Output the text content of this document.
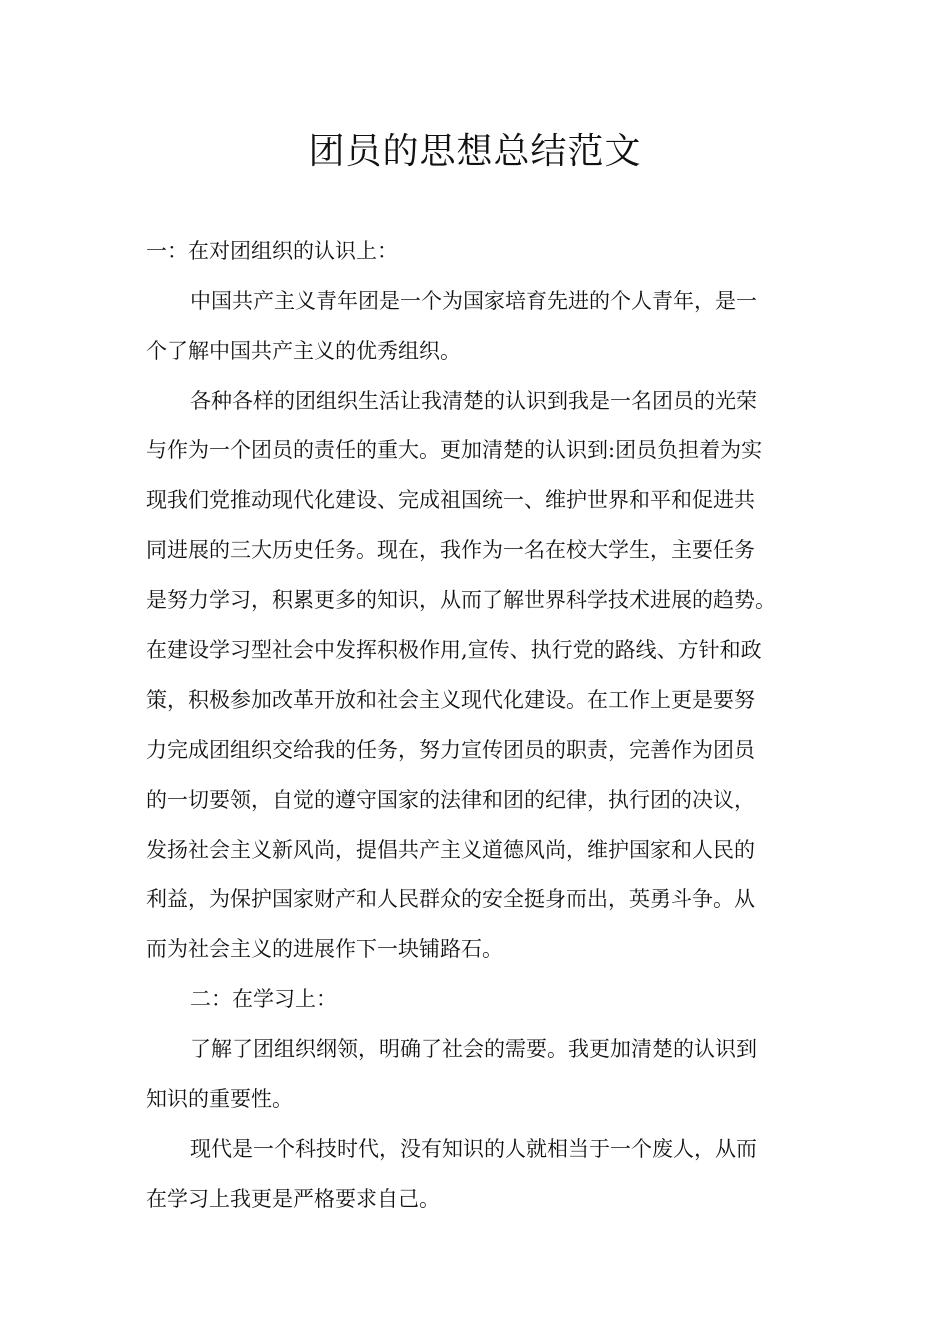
团员的思想总结范文

一：在对团组织的认识上：

中国共产主义青年团是一个为国家培育先进的个人青年，是一

个了解中国共产主义的优秀组织。

各种各样的团组织生活让我清楚的认识到我是一名团员的光荣

与作为一个团员的责任的重大。更加清楚的认识到:团员负担着为实

现我们党推动现代化建设、完成祖国统一、维护世界和平和促进共

同进展的三大历史任务。现在，我作为一名在校大学生，主要任务

是努力学习，积累更多的知识，从而了解世界科学技术进展的趋势。

在建设学习型社会中发挥积极作用,宣传、执行党的路线、方针和政

策，积极参加改革开放和社会主义现代化建设。在工作上更是要努

力完成团组织交给我的任务，努力宣传团员的职责，完善作为团员

的一切要领，自觉的遵守国家的法律和团的纪律，执行团的决议，

发扬社会主义新风尚，提倡共产主义道德风尚，维护国家和人民的

利益，为保护国家财产和人民群众的安全挺身而出，英勇斗争。从

而为社会主义的进展作下一块铺路石。

二：在学习上：

了解了团组织纲领，明确了社会的需要。我更加清楚的认识到

知识的重要性。

现代是一个科技时代，没有知识的人就相当于一个废人，从而

在学习上我更是严格要求自己。
